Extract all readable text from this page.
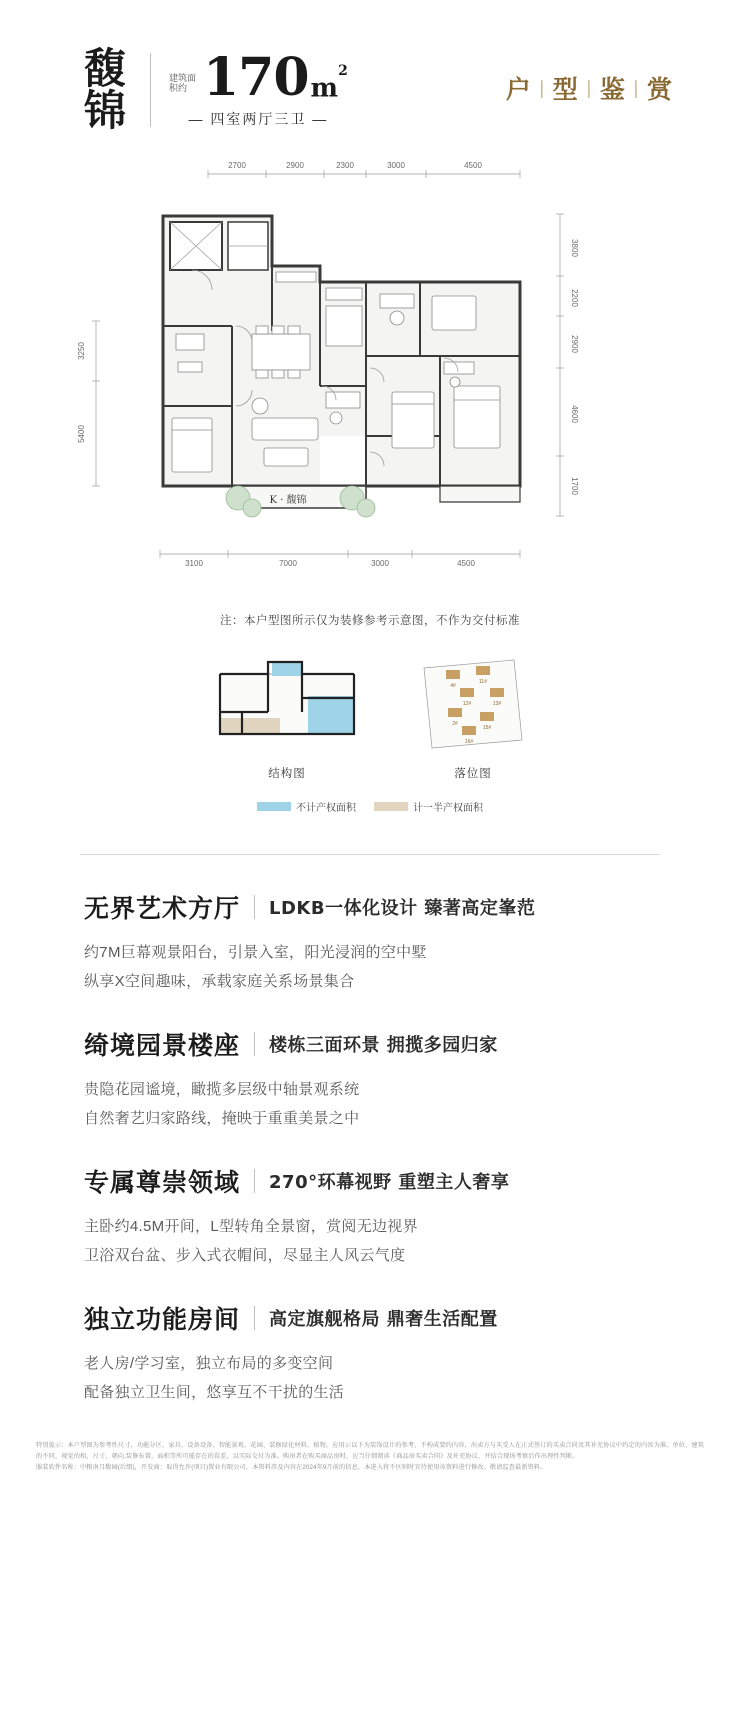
馥
锦
建筑面积约 170 $m^2$
— 四室两厅三卫 —
户 | 型 | 鉴 | 赏
2700	2900	2300	3000	4500
3800
2200
2900
4600
1700
3250
5400
3100	7000	3000	4500
K · 馥锦
注：本户型图所示仅为装修参考示意图，不作为交付标准
结构图
4#
11#
12#	13#
2#
15#
16#
落位图
不计产权面积	计一半产权面积
无界艺术方厅 LDKB一体化设计 臻著高定峯范
约7M巨幕观景阳台，引景入室，阳光浸润的空中墅
纵享X空间趣味，承载家庭关系场景集合
绮境园景楼座 楼栋三面环景 拥揽多园归家
贵隐花园谧境，瞰揽多层级中轴景观系统
自然奢艺归家路线，掩映于重重美景之中
专属尊崇领域 270°环幕视野 重塑主人奢享
主卧约4.5M开间，L型转角全景窗，赏阅无边视界
卫浴双台盆、步入式衣帽间，尽显主人风云气度
独立功能房间 高定旗舰格局 鼎奢生活配置
老人房/学习室，独立布局的多变空间
配备独立卫生间，悠享互不干扰的生活
特别提示：本户型图为参考性尺寸，功能分区、家具、设备设备、智能景观、花园、装修绿化材料、植物，应用示以下为装饰设计的参考，不构成要约内容，出卖方与买受人在正式签订的买卖合同及其补充协议中约定的内容为准。单位、建筑的不同、视觉的相，尺寸、朝向,装修布置、面积等所可能存在的误差，以实际交付为准。购房者在购买商品房时，应当仔细阅读《商品房买卖合同》及补充协议，并结合现场考察后作出理性判断。
服装软件名称：中粮南月馥园(后缀)，开发商：取得允许(项目)置业有限公司，本资料涉及内容在2024年9月前的信息，本进入将不区则时宜待使用该资料进行修改。敬请监查最新资料。
